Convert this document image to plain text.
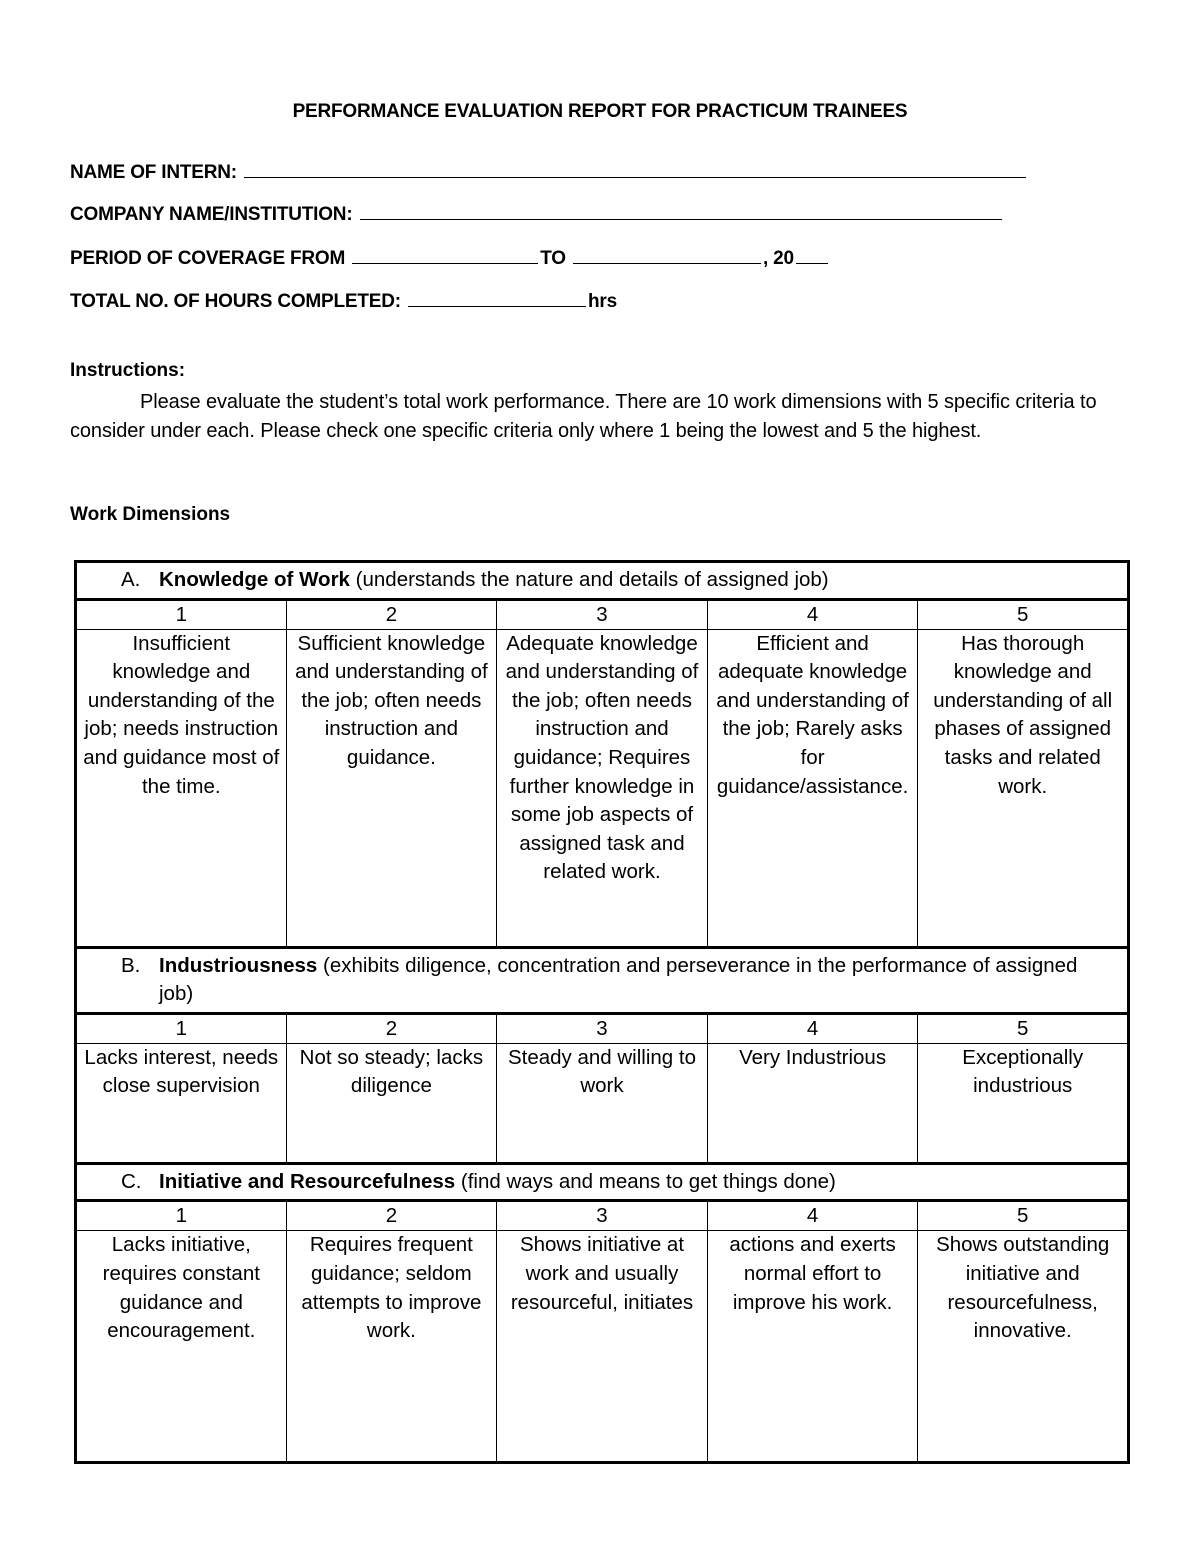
PERFORMANCE EVALUATION REPORT FOR PRACTICUM TRAINEES
NAME OF INTERN:
COMPANY NAME/INSTITUTION:
PERIOD OF COVERAGE FROM	TO	, 20
TOTAL NO. OF HOURS COMPLETED:	hrs
Instructions:
Please evaluate the student’s total work performance. There are 10 work dimensions with 5 specific criteria to consider under each. Please check one specific criteria only where 1 being the lowest and 5 the highest.
Work Dimensions
A. Knowledge of Work (understands the nature and details of assigned job)				
1	2	3	4	5
Insufficient knowledge and understanding of the job; needs instruction and guidance most of the time.	Sufficient knowledge and understanding of the job; often needs instruction and guidance.	Adequate knowledge and understanding of the job; often needs instruction and guidance; Requires further knowledge in some job aspects of assigned task and related work.	Efficient and adequate knowledge and understanding of the job; Rarely asks for guidance/assistance.	Has thorough knowledge and understanding of all phases of assigned tasks and related work.
B. Industriousness (exhibits diligence, concentration and perseverance in the performance of assigned
job)				

1	2	3	4	5
Lacks interest, needs close supervision	Not so steady; lacks diligence	Steady and willing to work	Very Industrious	Exceptionally industrious
C. Initiative and Resourcefulness (find ways and means to get things done)				
1	2	3	4	5
Lacks initiative, requires constant guidance and encouragement.	Requires frequent guidance; seldom attempts to improve work.	Shows initiative at work and usually resourceful, initiates	actions and exerts normal effort to improve his work.	Shows outstanding initiative and resourcefulness, innovative.
